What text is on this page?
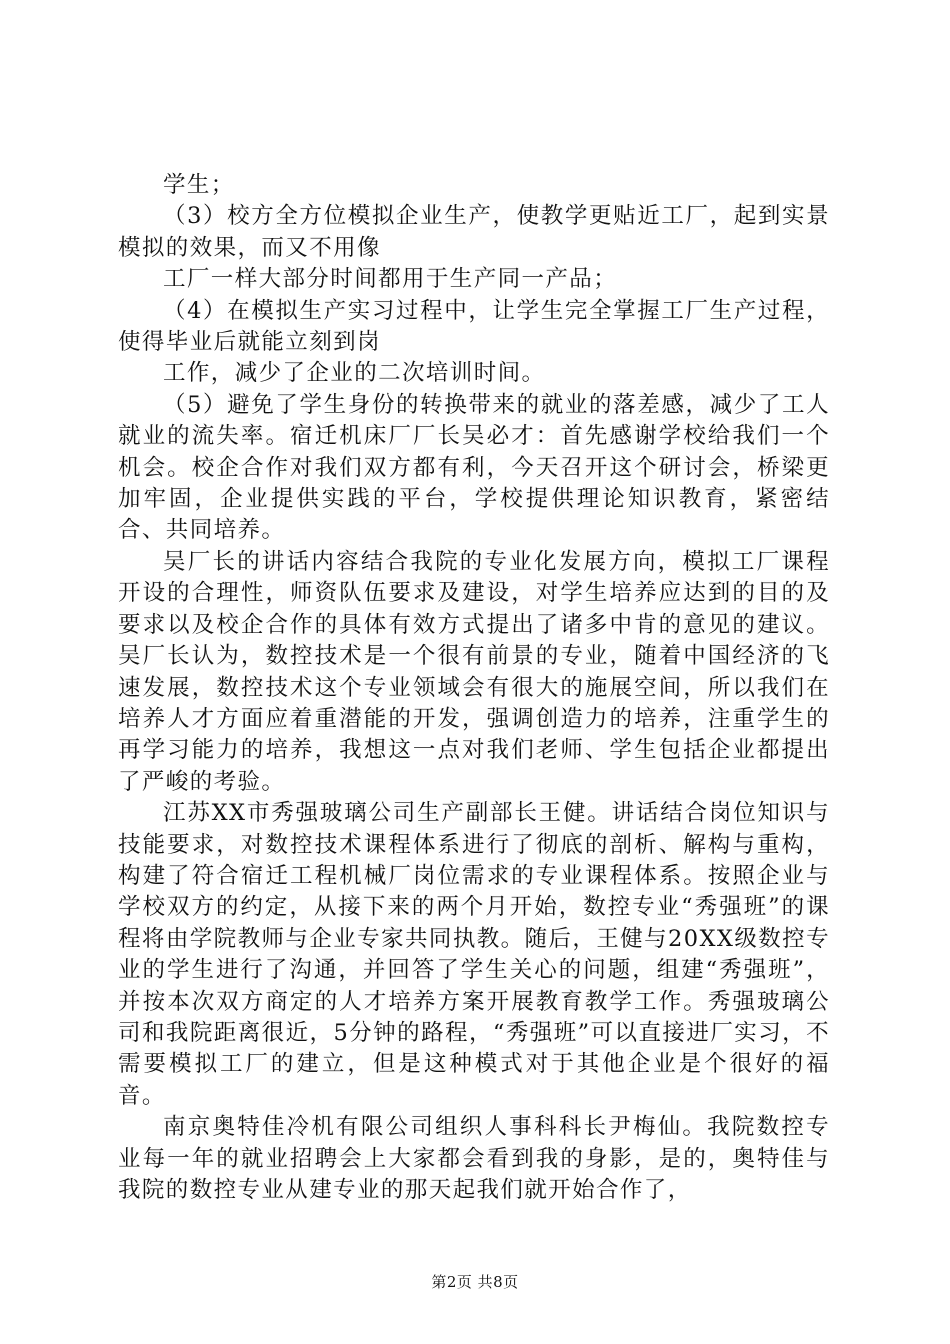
学生；

（3）校方全方位模拟企业生产，使教学更贴近工厂，起到实景模拟的效果，而又不用像

工厂一样大部分时间都用于生产同一产品；

（4）在模拟生产实习过程中，让学生完全掌握工厂生产过程，使得毕业后就能立刻到岗

工作，减少了企业的二次培训时间。

（5）避免了学生身份的转换带来的就业的落差感，减少了工人就业的流失率。宿迁机床厂厂长吴必才：首先感谢学校给我们一个机会。校企合作对我们双方都有利，今天召开这个研讨会，桥梁更加牢固，企业提供实践的平台，学校提供理论知识教育，紧密结合、共同培养。

吴厂长的讲话内容结合我院的专业化发展方向，模拟工厂课程开设的合理性，师资队伍要求及建设，对学生培养应达到的目的及要求以及校企合作的具体有效方式提出了诸多中肯的意见的建议。吴厂长认为，数控技术是一个很有前景的专业，随着中国经济的飞速发展，数控技术这个专业领域会有很大的施展空间，所以我们在培养人才方面应着重潜能的开发，强调创造力的培养，注重学生的再学习能力的培养，我想这一点对我们老师、学生包括企业都提出了严峻的考验。

江苏XX市秀强玻璃公司生产副部长王健。讲话结合岗位知识与技能要求，对数控技术课程体系进行了彻底的剖析、解构与重构，构建了符合宿迁工程机械厂岗位需求的专业课程体系。按照企业与学校双方的约定，从接下来的两个月开始，数控专业“秀强班”的课程将由学院教师与企业专家共同执教。随后，王健与20XX级数控专业的学生进行了沟通，并回答了学生关心的问题，组建“秀强班”，并按本次双方商定的人才培养方案开展教育教学工作。秀强玻璃公司和我院距离很近，5分钟的路程，“秀强班”可以直接进厂实习，不需要模拟工厂的建立，但是这种模式对于其他企业是个很好的福音。

南京奥特佳冷机有限公司组织人事科科长尹梅仙。我院数控专业每一年的就业招聘会上大家都会看到我的身影，是的，奥特佳与我院的数控专业从建专业的那天起我们就开始合作了，

第2页 共8页
